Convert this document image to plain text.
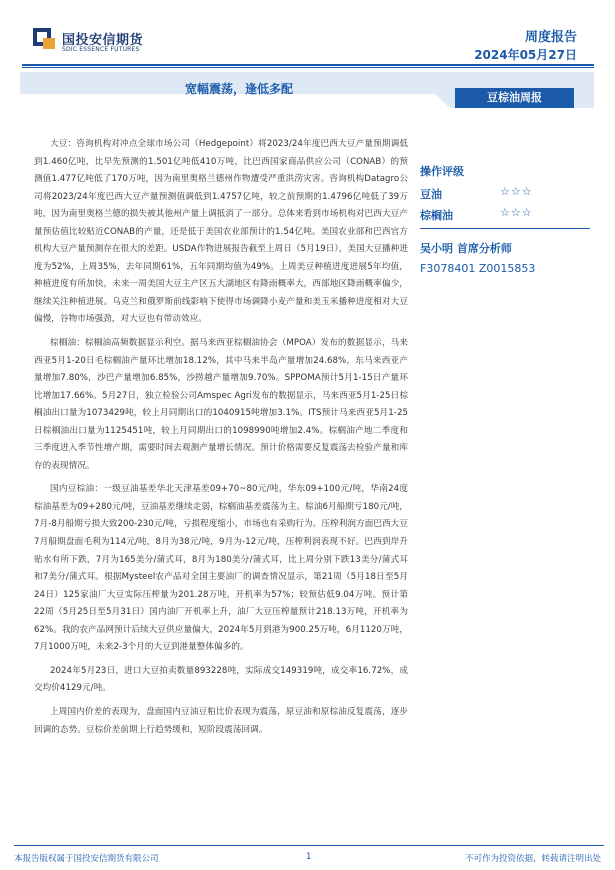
国投安信期货
SDIC ESSENCE FUTURES
周度报告
2024年05月27日
宽幅震荡，逢低多配
豆棕油周报

大豆：咨询机构对冲点全球市场公司（Hedgepoint）将2023/24年度巴西大豆产量预期调低到1.460亿吨，比早先预测的1.501亿吨低410万吨，比巴西国家商品供应公司（CONAB）的预测值1.477亿吨低了170万吨，因为南里奥格兰德州作物遭受严重洪涝灾害。咨询机构Datagro公司将2023/24年度巴西大豆产量预测值调低到1.4757亿吨，较之前预期的1.4796亿吨低了39万吨，因为南里奥格兰德的损失被其他州产量上调抵消了一部分。总体来看到市场机构对巴西大豆产量预估值比较贴近CONAB的产量，还是低于美国农业部预计的1.54亿吨。美国农业部和巴西官方机构大豆产量预测存在很大的差距。USDA作物进展报告截至上周日（5月19日），美国大豆播种进度为52%，上周35%，去年同期61%，五年同期均值为49%。上周美豆种植进度进展5年均值，种植进度有所加快，未来一周美国大豆主产区五大湖地区有降雨概率大，西部地区降雨概率偏少，继续关注种植进展。乌克兰和俄罗斯前线影响下使得市场调降小麦产量和美玉米播种进度相对大豆偏慢，谷物市场强劲，对大豆也有带动效应。

棕榈油：棕榈油高频数据显示利空。据马来西亚棕榈油协会（MPOA）发布的数据显示，马来西亚5月1-20日毛棕榈油产量环比增加18.12%，其中马来半岛产量增加24.68%，东马来西亚产量增加7.80%，沙巴产量增加6.85%，沙捞越产量增加9.70%。SPPOMA预计5月1-15日产量环比增加17.66%。5月27日，独立检验公司Amspec Agri发布的数据显示，马来西亚5月1-25日棕榈油出口量为1073429吨，较上月同期出口的1040915吨增加3.1%。ITS预计马来西亚5月1-25日棕榈油出口量为1125451吨，较上月同期出口的1098990吨增加2.4%。棕榈油产地二季度和三季度进入季节性增产期，需要时间去观测产量增长情况。预计价格需要反复震荡去检验产量和库存的表现情况。

国内豆棕油：一级豆油基差华北天津基差09+70~80元/吨，华东09+100元/吨，华南24度棕油基差为09+280元/吨，豆油基差继续走弱，棕榈油基差震荡为主。棕油6月船期亏180元/吨，7月-8月船期亏损大致200-230元/吨，亏损程度缩小，市场也有采购行为。压榨利润方面巴西大豆7月船期盘面毛利为114元/吨，8月为38元/吨，9月为-12元/吨，压榨利润表现不好。巴西到岸升贴水有所下跌，7月为165美分/蒲式耳，8月为180美分/蒲式耳，比上周分别下跌13美分/蒲式耳和7美分/蒲式耳。根据Mysteel农产品对全国主要油厂的调查情况显示，第21周（5月18日至5月24日）125家油厂大豆实际压榨量为201.28万吨，开机率为57%；较预估低9.04万吨。预计第22周（5月25日至5月31日）国内油厂开机率上升，油厂大豆压榨量预计218.13万吨，开机率为62%。我的农产品网预计后续大豆供应量偏大，2024年5月到港为900.25万吨，6月1120万吨，7月1000万吨，未来2-3个月的大豆到港量整体偏多的。

2024年5月23日，进口大豆拍卖数量893228吨，实际成交149319吨，成交率16.72%，成交均价4129元/吨。

上周国内价差的表现为，盘面国内豆油豆粕比价表现为震荡，原豆油和原棕油反复震荡，逐步回调的态势。豆棕价差前期上行趋势缓和，短阶段震荡回调。

操作评级
豆油	☆☆☆
棕榈油	☆☆☆
吴小明 首席分析师
F3078401 Z0015853
本报告版权属于国投安信期货有限公司	1	不可作为投资依据，转载请注明出处
